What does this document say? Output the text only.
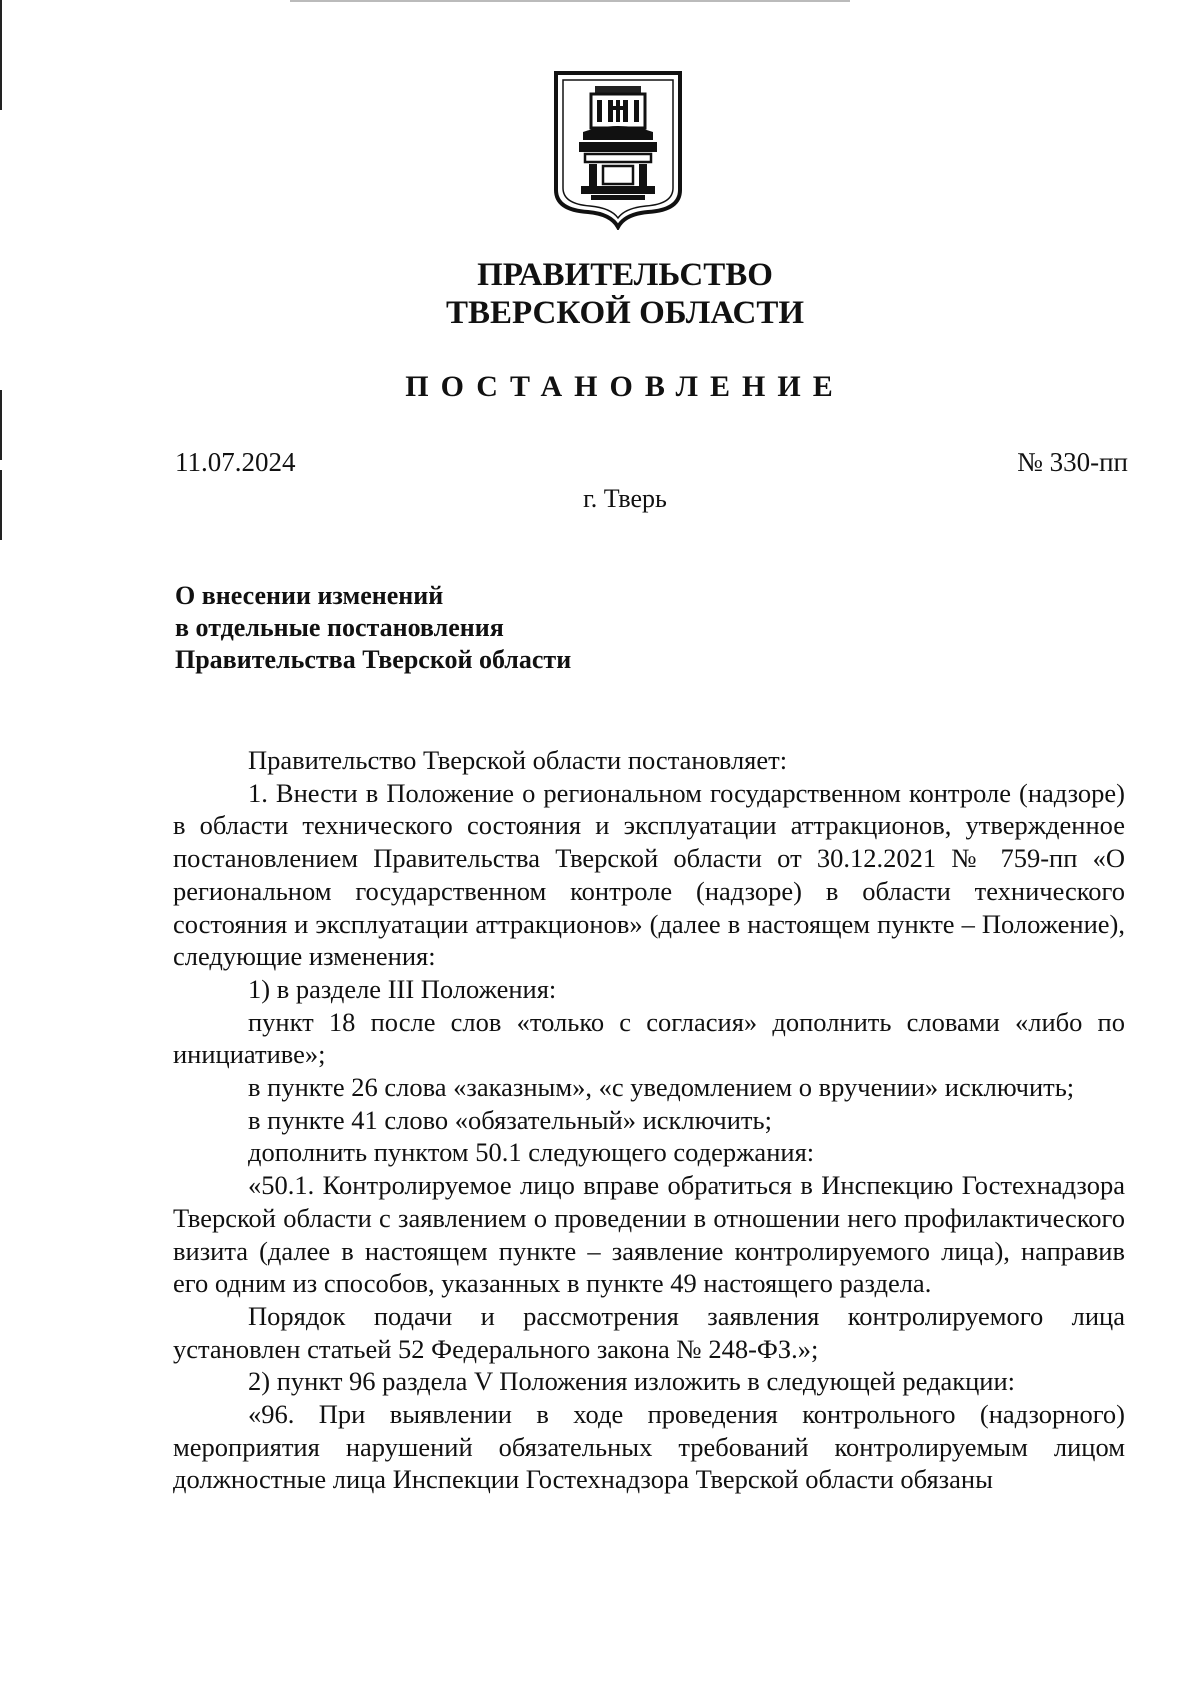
ПРАВИТЕЛЬСТВО
ТВЕРСКОЙ ОБЛАСТИ
ПОСТАНОВЛЕНИЕ
11.07.2024	№ 330-пп
г. Тверь
О внесении изменений
в отдельные постановления
Правительства Тверской области

Правительство Тверской области постановляет:

1. Внести в Положение о региональном государственном контроле (надзоре) в области технического состояния и эксплуатации аттракционов, утвержденное постановлением Правительства Тверской области от 30.12.2021 № 759-пп «О региональном государственном контроле (надзоре) в области технического состояния и эксплуатации аттракционов» (далее в настоящем пункте – Положение), следующие изменения:

1) в разделе III Положения:

пункт 18 после слов «только с согласия» дополнить словами «либо по инициативе»;

в пункте 26 слова «заказным», «с уведомлением о вручении» исключить;

в пункте 41 слово «обязательный» исключить;

дополнить пунктом 50.1 следующего содержания:

«50.1. Контролируемое лицо вправе обратиться в Инспекцию Гостехнадзора Тверской области с заявлением о проведении в отношении него профилактического визита (далее в настоящем пункте – заявление контролируемого лица), направив его одним из способов, указанных в пункте 49 настоящего раздела.

Порядок подачи и рассмотрения заявления контролируемого лица установлен статьей 52 Федерального закона № 248-ФЗ.»;

2) пункт 96 раздела V Положения изложить в следующей редакции:

«96. При выявлении в ходе проведения контрольного (надзорного) мероприятия нарушений обязательных требований контролируемым лицом должностные лица Инспекции Гостехнадзора Тверской области обязаны
